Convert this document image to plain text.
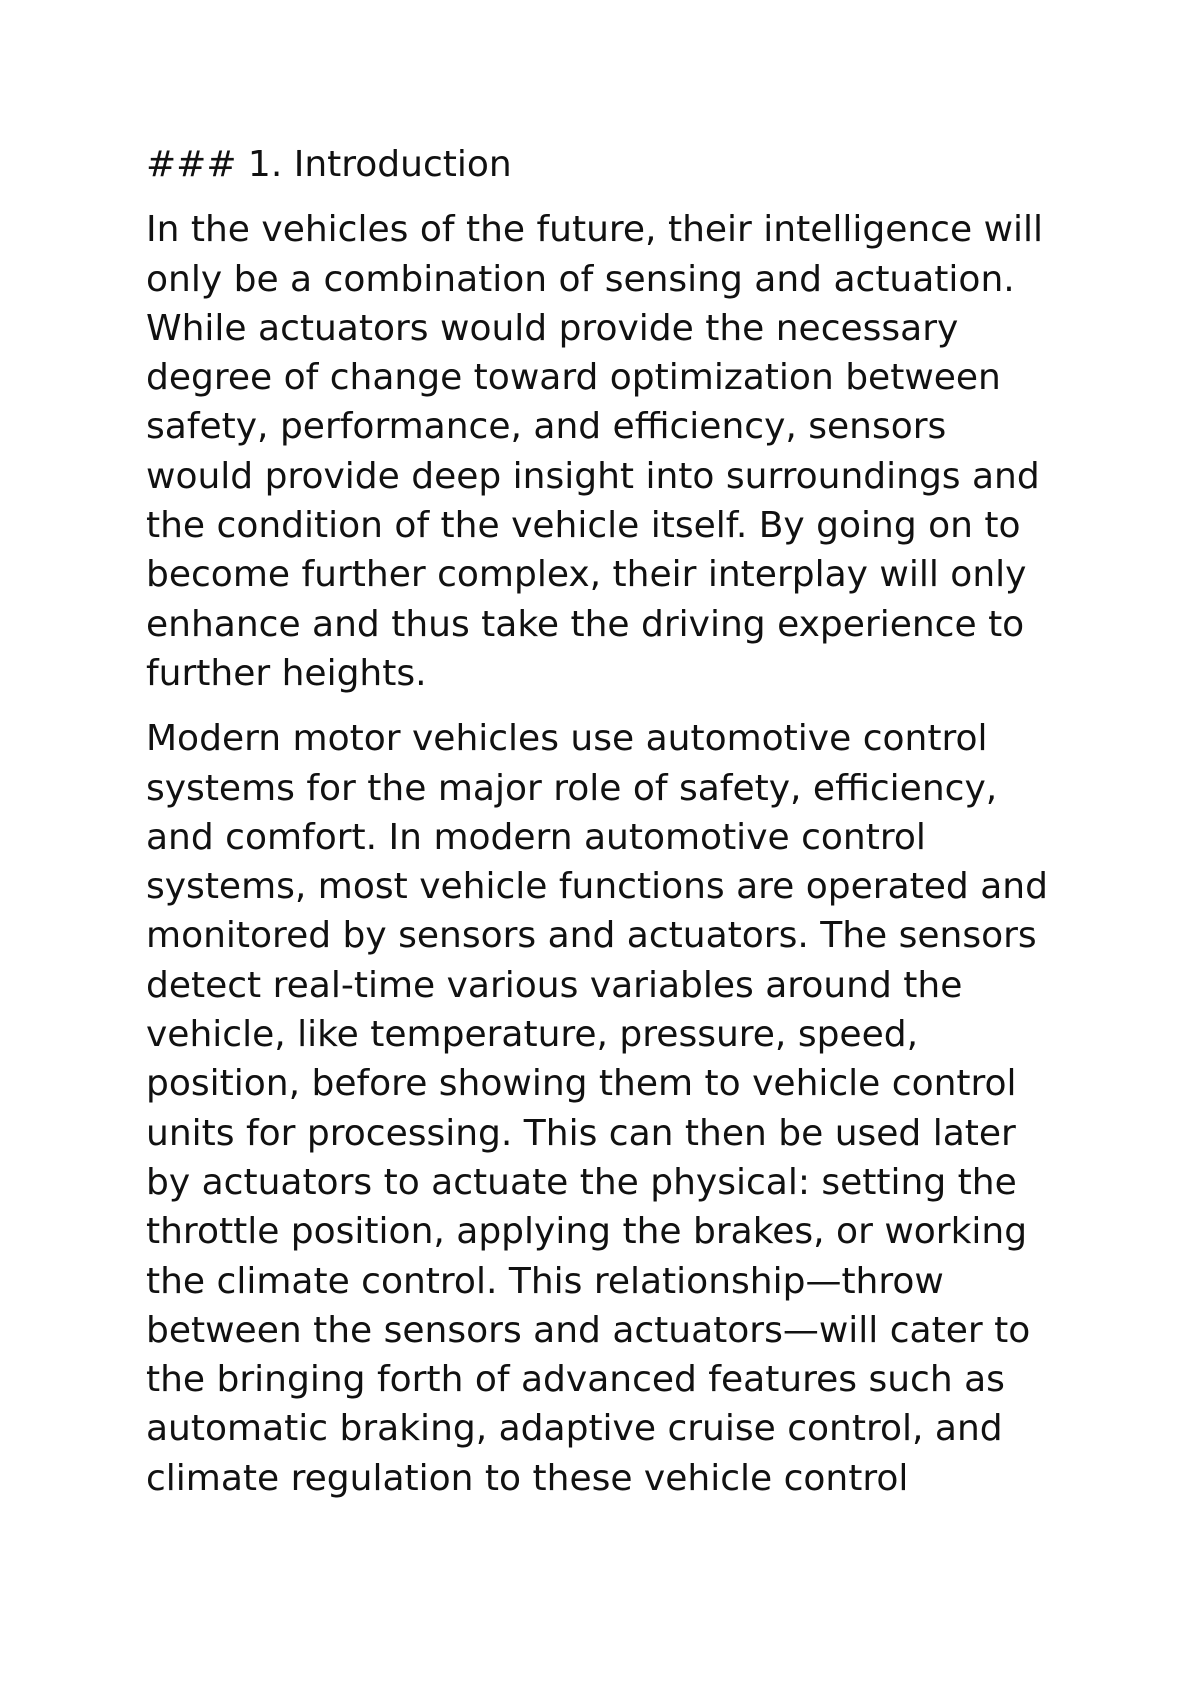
### 1. Introduction
In the vehicles of the future, their intelligence will
only be a combination of sensing and actuation.
While actuators would provide the necessary
degree of change toward optimization between
safety, performance, and efficiency, sensors
would provide deep insight into surroundings and
the condition of the vehicle itself. By going on to
become further complex, their interplay will only
enhance and thus take the driving experience to
further heights.
Modern motor vehicles use automotive control
systems for the major role of safety, efficiency,
and comfort. In modern automotive control
systems, most vehicle functions are operated and
monitored by sensors and actuators. The sensors
detect real-time various variables around the
vehicle, like temperature, pressure, speed,
position, before showing them to vehicle control
units for processing. This can then be used later
by actuators to actuate the physical: setting the
throttle position, applying the brakes, or working
the climate control. This relationship—throw
between the sensors and actuators—will cater to
the bringing forth of advanced features such as
automatic braking, adaptive cruise control, and
climate regulation to these vehicle control
